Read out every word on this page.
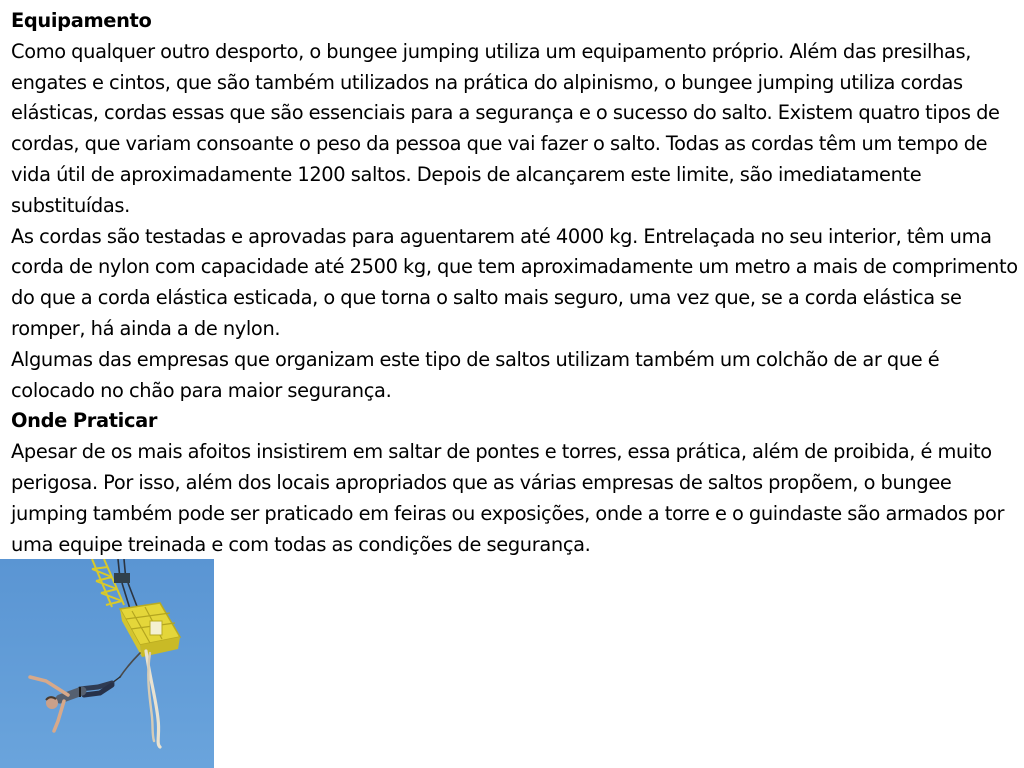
Equipamento

Como qualquer outro desporto, o bungee jumping utiliza um equipamento próprio. Além das presilhas, engates e cintos, que são também utilizados na prática do alpinismo, o bungee jumping utiliza cordas elásticas, cordas essas que são essenciais para a segurança e o sucesso do salto. Existem quatro tipos de cordas, que variam consoante o peso da pessoa que vai fazer o salto. Todas as cordas têm um tempo de vida útil de aproximadamente 1200 saltos. Depois de alcançarem este limite, são imediatamente substituídas.

As cordas são testadas e aprovadas para aguentarem até 4000 kg. Entrelaçada no seu interior, têm uma corda de nylon com capacidade até 2500 kg, que tem aproximadamente um metro a mais de comprimento do que a corda elástica esticada, o que torna o salto mais seguro, uma vez que, se a corda elástica se romper, há ainda a de nylon.

Algumas das empresas que organizam este tipo de saltos utilizam também um colchão de ar que é colocado no chão para maior segurança.

Onde Praticar

Apesar de os mais afoitos insistirem em saltar de pontes e torres, essa prática, além de proibida, é muito perigosa. Por isso, além dos locais apropriados que as várias empresas de saltos propõem, o bungee jumping também pode ser praticado em feiras ou exposições, onde a torre e o guindaste são armados por uma equipe treinada e com todas as condições de segurança.
